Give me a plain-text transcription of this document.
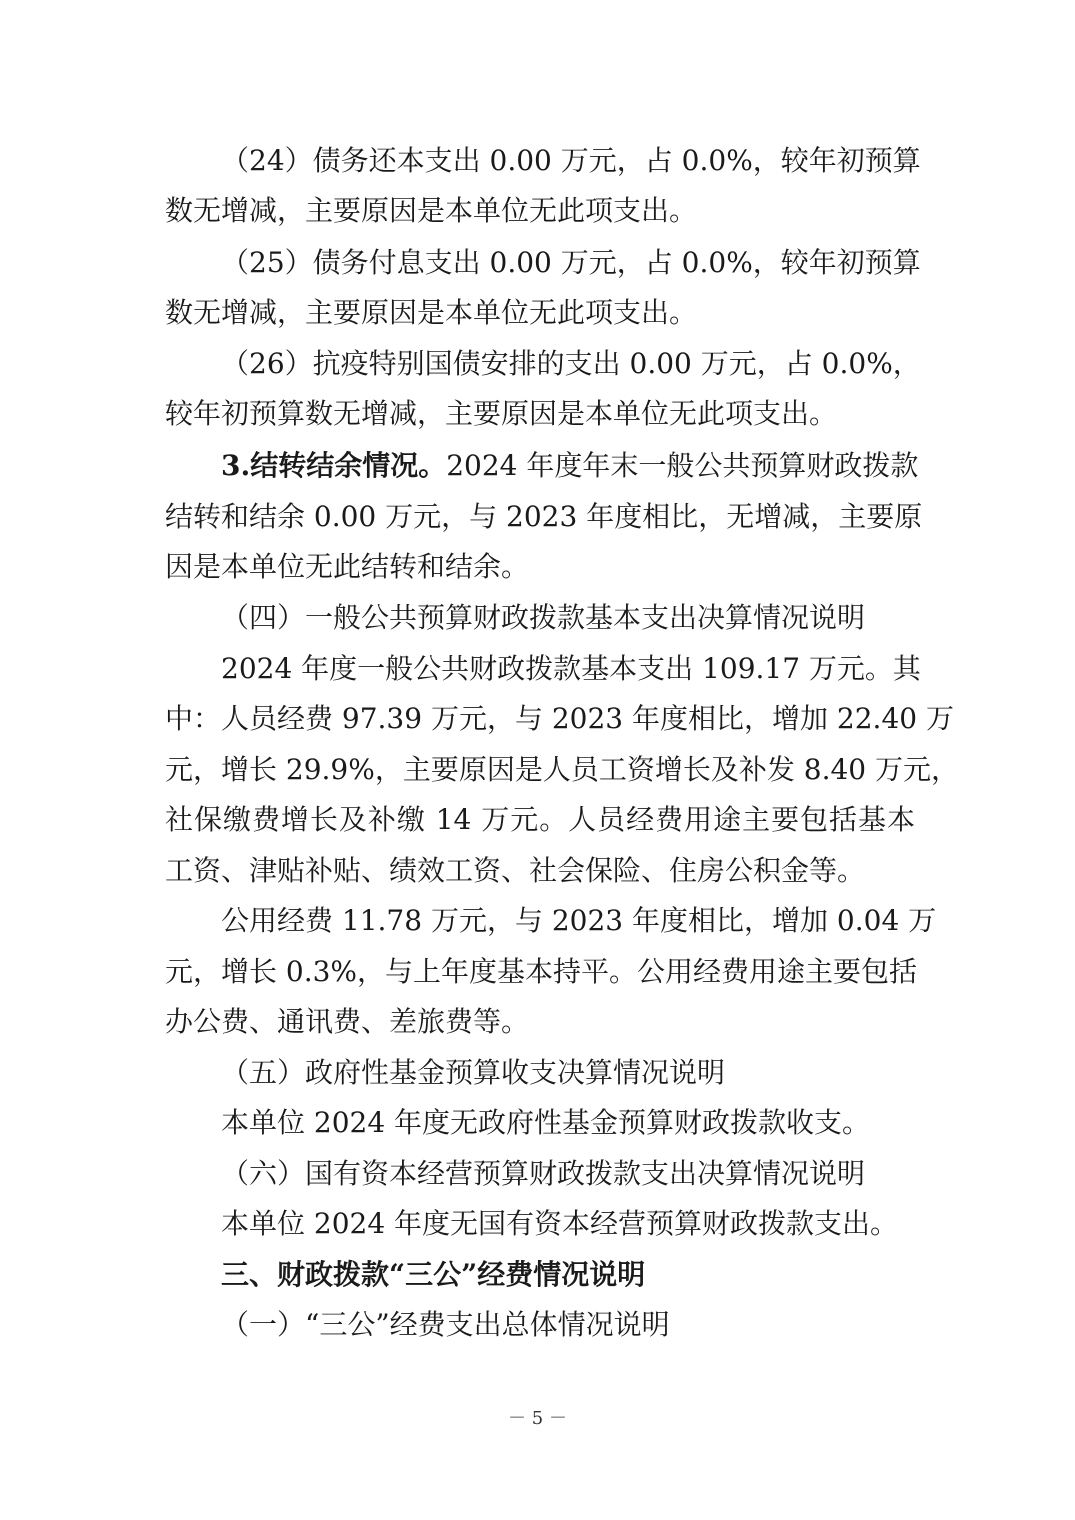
（24）债务还本支出 0.00 万元，占 0.0%，较年初预算
数无增减，主要原因是本单位无此项支出。
（25）债务付息支出 0.00 万元，占 0.0%，较年初预算
数无增减，主要原因是本单位无此项支出。
（26）抗疫特别国债安排的支出 0.00 万元，占 0.0%，
较年初预算数无增减，主要原因是本单位无此项支出。
3.结转结余情况。2024 年度年末一般公共预算财政拨款
结转和结余 0.00 万元，与 2023 年度相比，无增减，主要原
因是本单位无此结转和结余。
（四）一般公共预算财政拨款基本支出决算情况说明
2024 年度一般公共财政拨款基本支出 109.17 万元。其
中：人员经费 97.39 万元，与 2023 年度相比，增加 22.40 万
元，增长 29.9%，主要原因是人员工资增长及补发 8.40 万元，
社保缴费增长及补缴 14 万元。人员经费用途主要包括基本
工资、津贴补贴、绩效工资、社会保险、住房公积金等。
公用经费 11.78 万元，与 2023 年度相比，增加 0.04 万
元，增长 0.3%，与上年度基本持平。公用经费用途主要包括
办公费、通讯费、差旅费等。
（五）政府性基金预算收支决算情况说明
本单位 2024 年度无政府性基金预算财政拨款收支。
（六）国有资本经营预算财政拨款支出决算情况说明
本单位 2024 年度无国有资本经营预算财政拨款支出。
三、财政拨款“三公”经费情况说明
（一）“三公”经费支出总体情况说明
－ 5 －
